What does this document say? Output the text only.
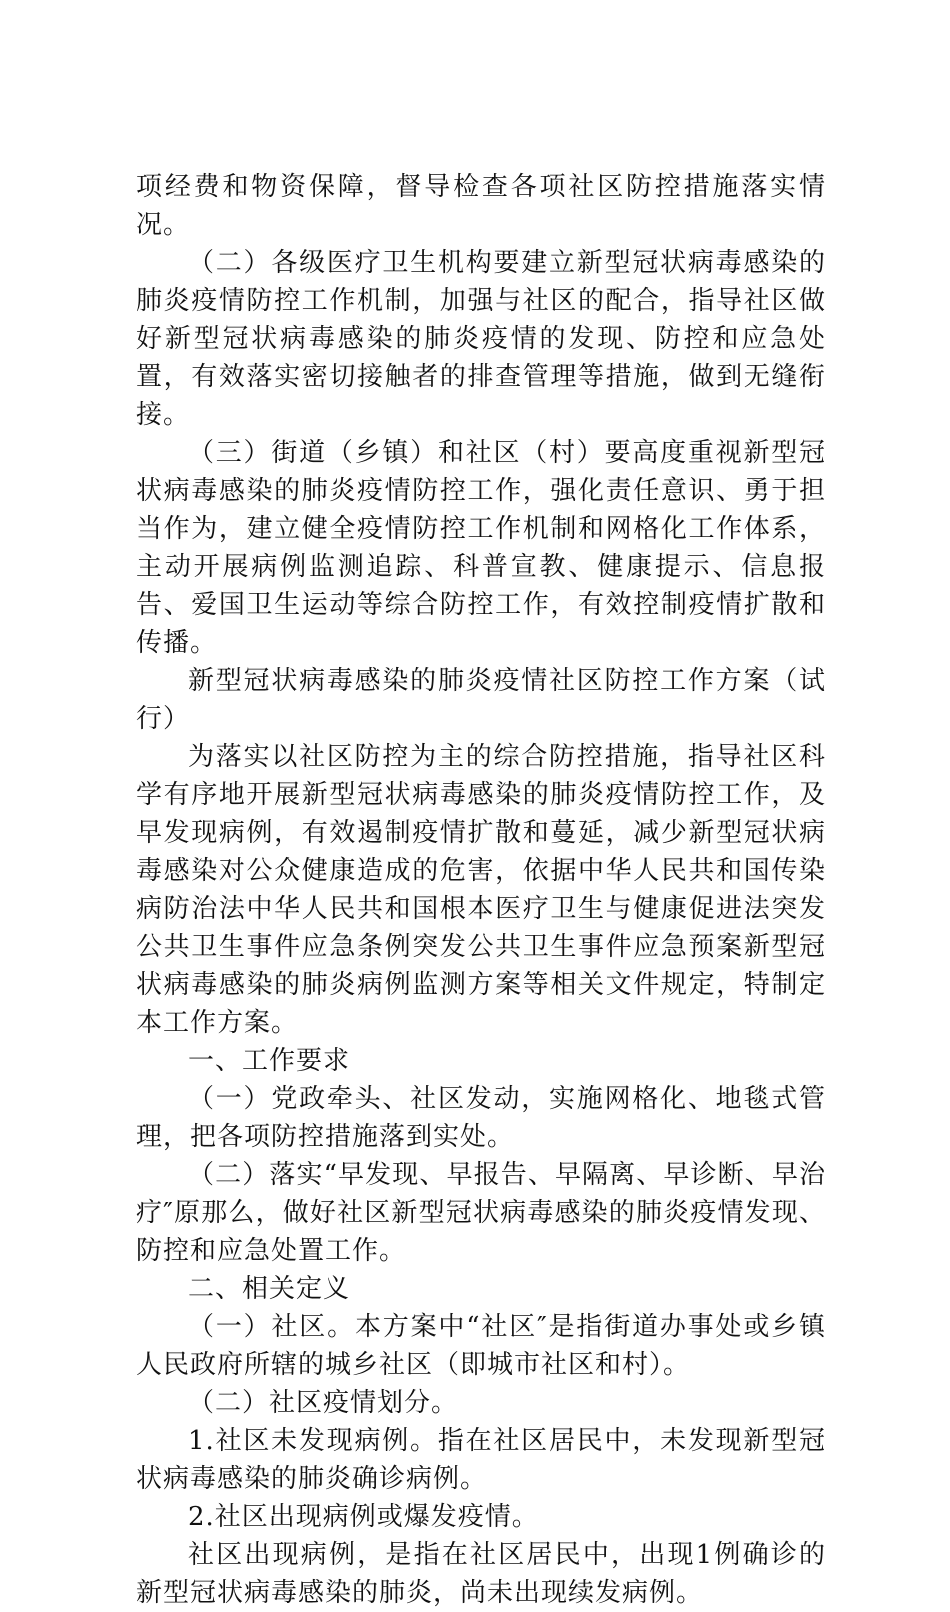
项经费和物资保障，督导检查各项社区防控措施落实情况。

（二）各级医疗卫生机构要建立新型冠状病毒感染的肺炎疫情防控工作机制，加强与社区的配合，指导社区做好新型冠状病毒感染的肺炎疫情的发现、防控和应急处置，有效落实密切接触者的排查管理等措施，做到无缝衔接。

（三）街道（乡镇）和社区（村）要高度重视新型冠状病毒感染的肺炎疫情防控工作，强化责任意识、勇于担当作为，建立健全疫情防控工作机制和网格化工作体系，主动开展病例监测追踪、科普宣教、健康提示、信息报告、爱国卫生运动等综合防控工作，有效控制疫情扩散和传播。

新型冠状病毒感染的肺炎疫情社区防控工作方案（试行）

为落实以社区防控为主的综合防控措施，指导社区科学有序地开展新型冠状病毒感染的肺炎疫情防控工作，及早发现病例，有效遏制疫情扩散和蔓延，减少新型冠状病毒感染对公众健康造成的危害，依据中华人民共和国传染病防治法中华人民共和国根本医疗卫生与健康促进法突发公共卫生事件应急条例突发公共卫生事件应急预案新型冠状病毒感染的肺炎病例监测方案等相关文件规定，特制定本工作方案。

一、工作要求

（一）党政牵头、社区发动，实施网格化、地毯式管理，把各项防控措施落到实处。

（二）落实“早发现、早报告、早隔离、早诊断、早治疗″原那么，做好社区新型冠状病毒感染的肺炎疫情发现、防控和应急处置工作。

二、相关定义

（一）社区。本方案中“社区″是指街道办事处或乡镇人民政府所辖的城乡社区（即城市社区和村）。

（二）社区疫情划分。

1.社区未发现病例。指在社区居民中，未发现新型冠状病毒感染的肺炎确诊病例。

2.社区出现病例或爆发疫情。

社区出现病例，是指在社区居民中，出现1例确诊的新型冠状病毒感染的肺炎，尚未出现续发病例。
